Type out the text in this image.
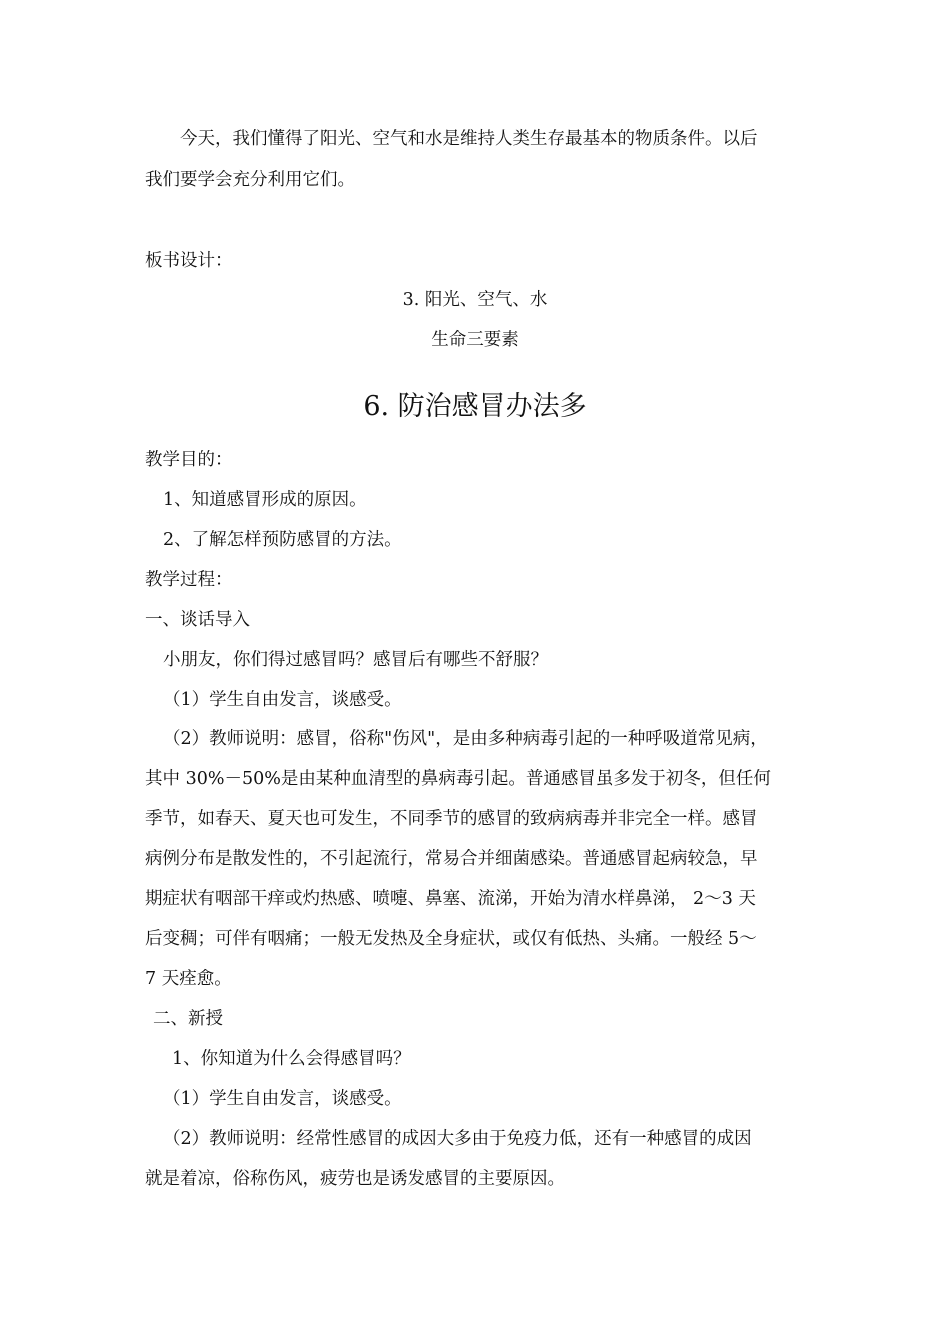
今天，我们懂得了阳光、空气和水是维持人类生存最基本的物质条件。以后
我们要学会充分利用它们。
板书设计：
3. 阳光、空气、水
生命三要素
6. 防治感冒办法多
教学目的：
1、知道感冒形成的原因。
2、了解怎样预防感冒的方法。
教学过程：
一、谈话导入
小朋友，你们得过感冒吗？感冒后有哪些不舒服？
（1）学生自由发言，谈感受。
（2）教师说明：感冒，俗称"伤风"，是由多种病毒引起的一种呼吸道常见病，
其中 30%－50%是由某种血清型的鼻病毒引起。普通感冒虽多发于初冬，但任何
季节，如春天、夏天也可发生，不同季节的感冒的致病病毒并非完全一样。感冒
病例分布是散发性的，不引起流行，常易合并细菌感染。普通感冒起病较急，早
期症状有咽部干痒或灼热感、喷嚏、鼻塞、流涕，开始为清水样鼻涕， 2～3 天
后变稠；可伴有咽痛；一般无发热及全身症状，或仅有低热、头痛。一般经 5～
7 天痊愈。
二、新授
1、你知道为什么会得感冒吗？
（1）学生自由发言，谈感受。
（2）教师说明：经常性感冒的成因大多由于免疫力低，还有一种感冒的成因
就是着凉，俗称伤风，疲劳也是诱发感冒的主要原因。
